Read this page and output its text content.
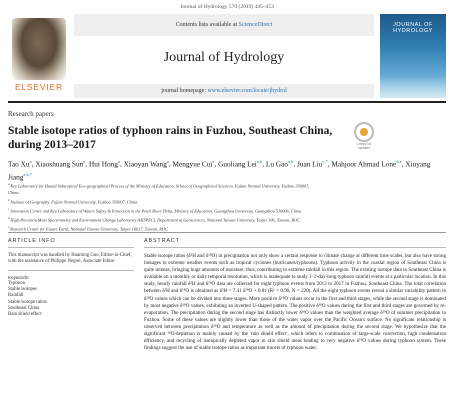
Journal of Hydrology 570 (2019) 445–453
ELSEVIER
Contents lists available at ScienceDirect
Journal of Hydrology
journal homepage: www.elsevier.com/locate/jhydrol
JOURNAL OF HYDROLOGY
Research papers
Stable isotope ratios of typhoon rains in Fuzhou, Southeast China, during 2013–2017	Check for updates
Tao Xu$^a$, Xiaoshuang Sun$^a$, Hui Hong$^a$, Xiaoyan Wang$^a$, Mengyue Cui$^a$, Guoliang Lei$^{a,b}$, Lu Gao$^{a,b}$, Juan Liu$^{c,*}$, Mahjoor Ahmad Lone$^{d,e}$, Xiuyang Jiang$^{a,b,*}$
$^a$ Key Laboratory for Humid Subtropical Eco-geographical Process of the Ministry of Education, School of Geographical Sciences, Fujian Normal University, Fuzhou 350007,
China
$^b$ Institute of Geography, Fujian Normal University, Fuzhou 350007, China
$^c$ Innovation Center and Key Laboratory of Waters Safety & Protection in the Pearl River Delta, Ministry of Education, Guangzhou University, Guangzhou 510006, China
$^d$ High-Precision Mass Spectrometry and Environment Change Laboratory (HISPEC), Department of Geosciences, National Taiwan University, Taipei 106, Taiwan, ROC
$^e$ Research Center for Future Earth, National Taiwan University, Taipei 10617, Taiwan, ROC
ARTICLE INFO
This manuscript was handled by Huaming Guo, Editor-in-Chief, with the assistance of Philippe Negrel, Associate Editor
Keywords:
Typhoon
Stable isotopes
Rainfall
Stable isotope ratios
Southeast China
Rain shield effect
ABSTRACT
Stable isotope ratios (δ²H and δ¹⁸O) in precipitation not only show a certain response to climate change at different time scales, but also have strong linkages to extreme weather events such as tropical cyclones (hurricanes/typhoons). Typhoon activity in the coastal region of Southeast China is quite intense, bringing huge amounts of moisture; thus, contributing to extreme rainfall in this region. The existing isotope data in Southeast China is available on a monthly or daily temporal resolution, which is inadequate to study 1–2-day-long typhoon rainfall events at a particular location. In this study, hourly rainfall δ²H and δ¹⁸O data are collected for eight typhoon events from 2013 to 2017 in Fuzhou, Southeast China. The total correlation between δ²H and δ¹⁸O is obtained as δ²H = 7.41 δ¹⁸O + 0.81 (R² = 0.96, N = 220). All the eight typhoon events reveal a similar variability pattern in δ¹⁸O values which can be divided into three stages. More positive δ¹⁸O values occur in the first and third stages, while the second stage is dominated by most negative δ¹⁸O values, exhibiting an inverted U-shaped pattern. The positive δ¹⁸O values during the first and third stages are governed by re-evaporation. The precipitation during the second stage has distinctly lower δ¹⁸O values than the weighted average δ¹⁸O of summer precipitation in Fuzhou. Some of these values are slightly lower than those of the water vapor over the Pacific Ocean's surface. No significant relationship is observed between precipitation δ¹⁸O and temperature as well as the amount of precipitation during the second stage. We hypothesize that the significant ¹⁸O-depletion is mainly caused by the 'rain shield effect', which refers to combination of large-scale convection, high condensation efficiency, and recycling of isotopically depleted vapor in rain shield areas leading to very negative δ¹⁸O values during typhoon system. These findings suggest the use of stable isotope ratios as important tracers of typhoon water.
